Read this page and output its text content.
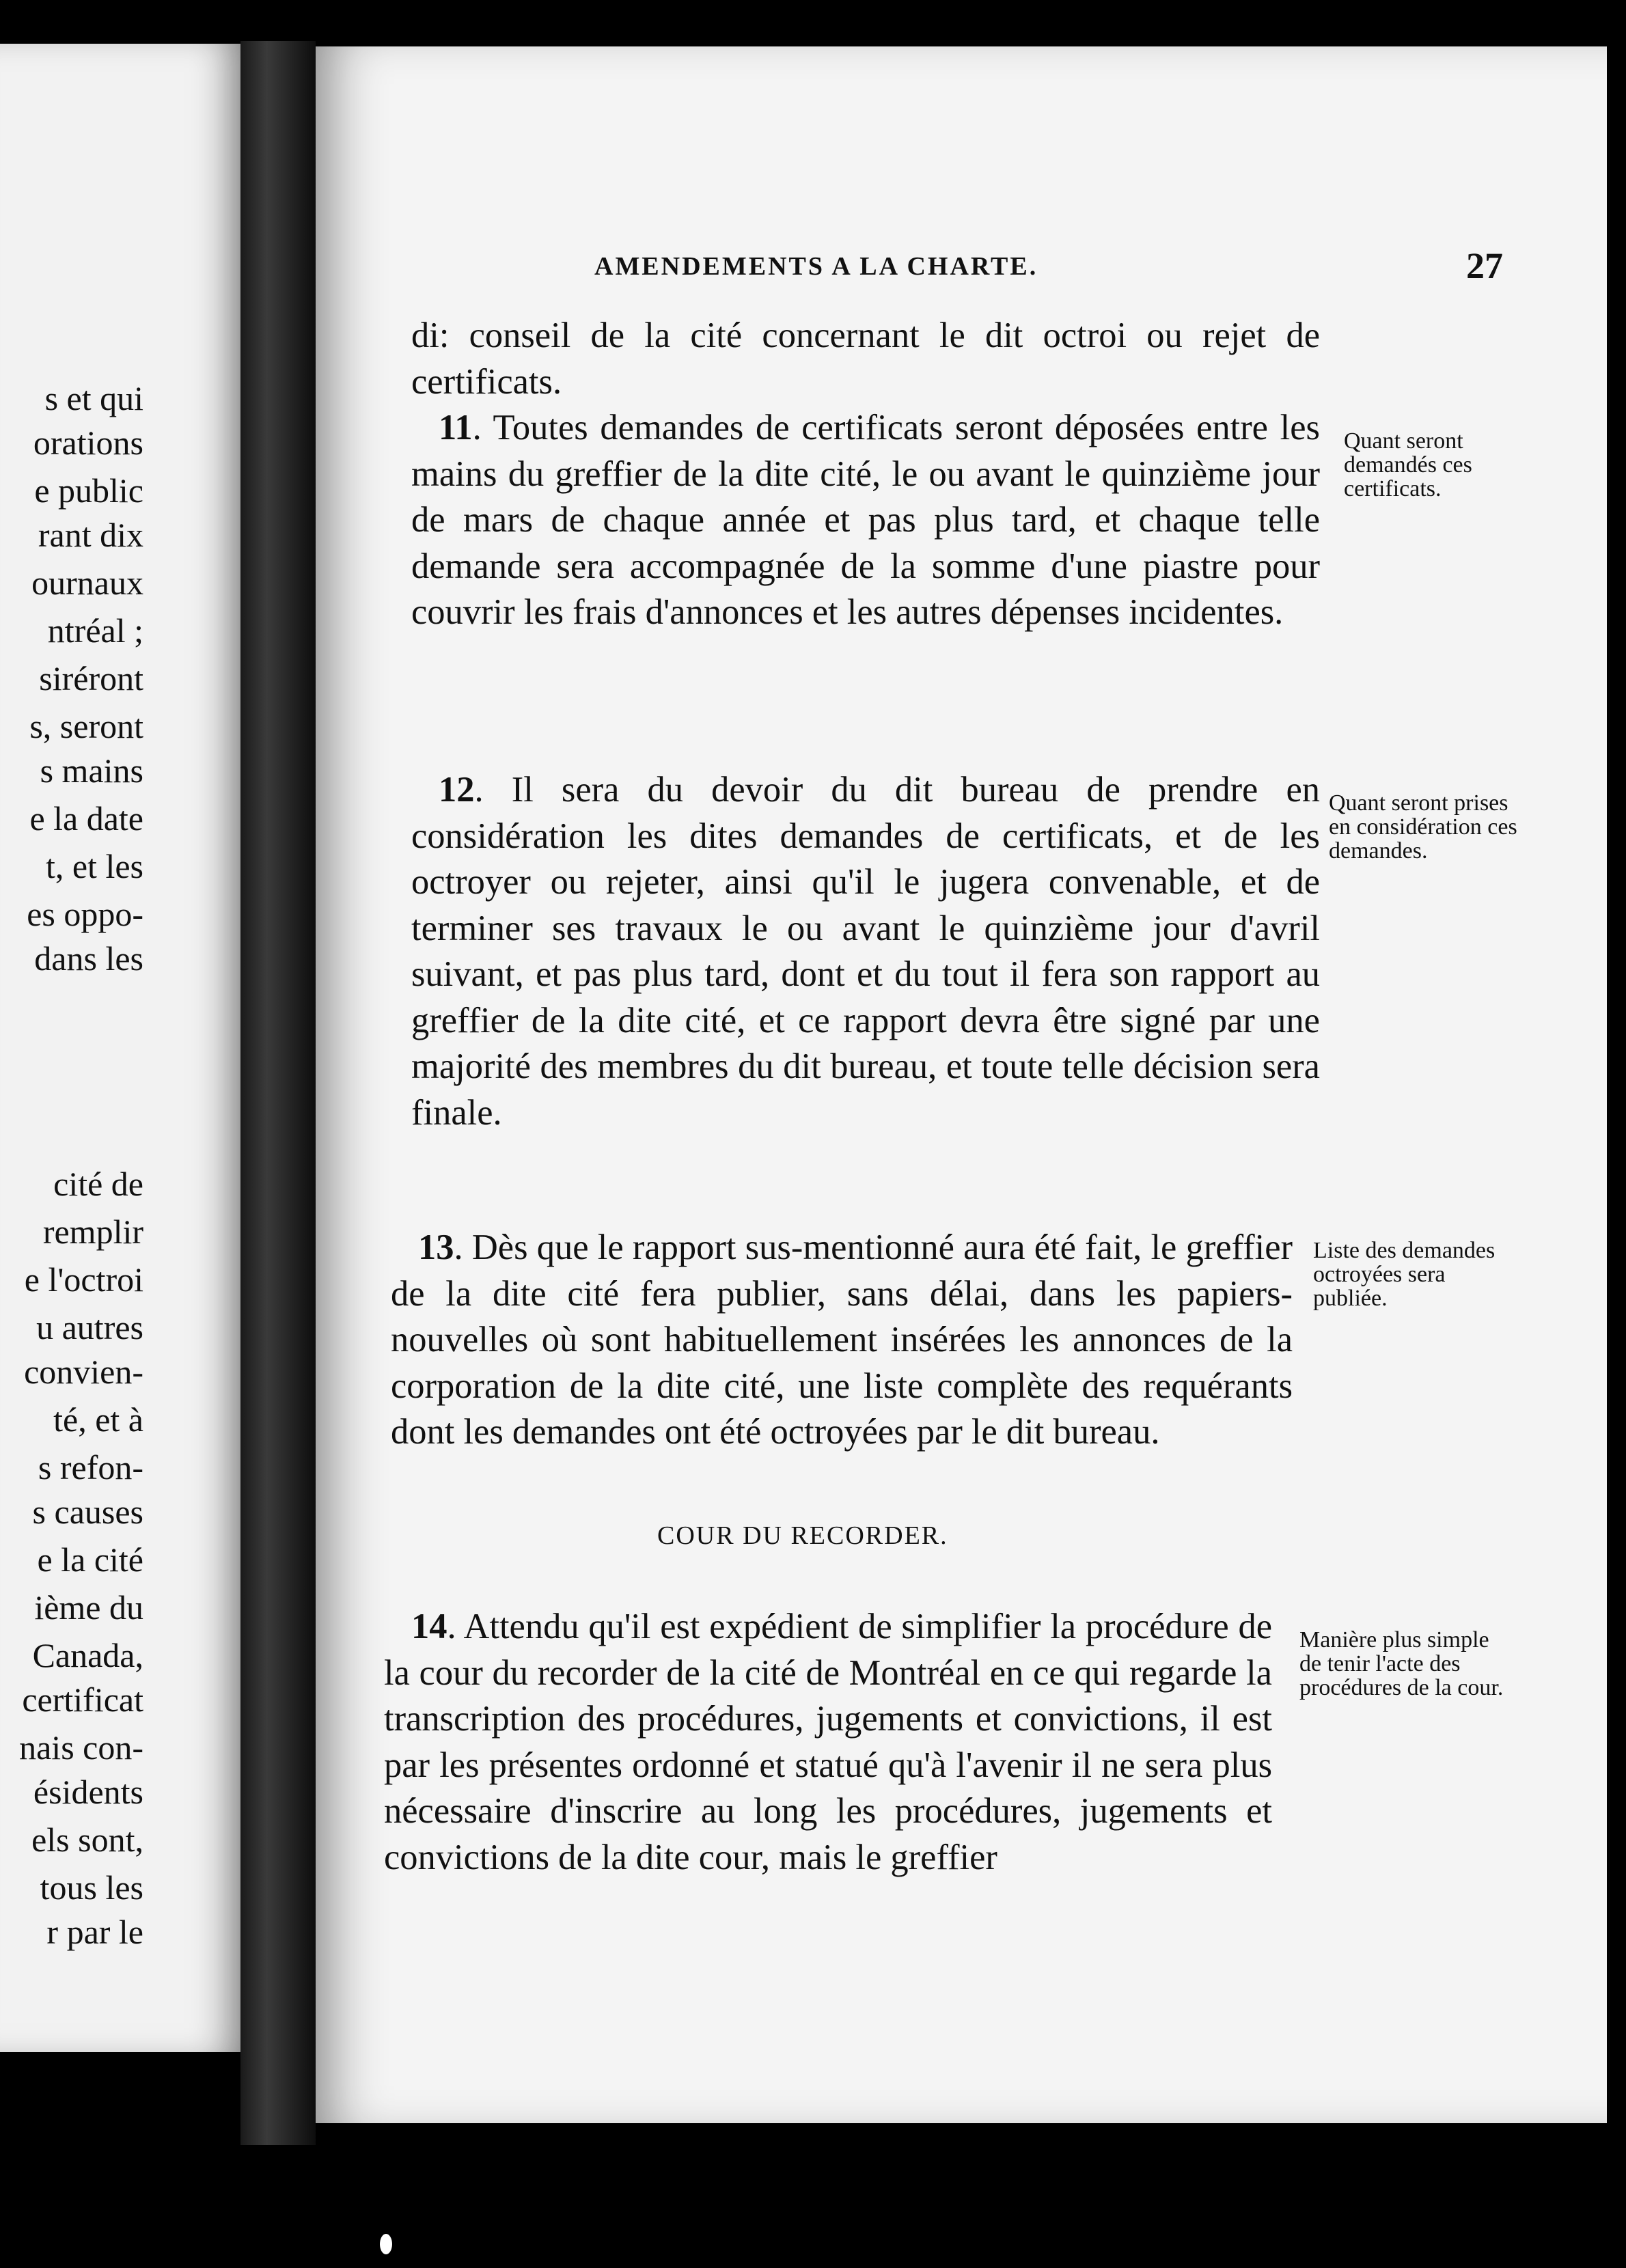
s et qui
orations
e public
rant dix
ournaux
ntréal ;
siréront
s, seront
s mains
e la date
t, et les
es oppo-
dans les
cité de
remplir
e l'octroi
u autres
convien-
té, et à
s refon-
s causes
e la cité
ième du
Canada,
certificat
nais con-
ésidents
els sont,
tous les
r par le
AMENDEMENTS A LA CHARTE.	27
di: conseil de la cité concernant le dit octroi ou rejet de certificats.
11. Toutes demandes de certificats seront déposées entre les mains du greffier de la dite cité, le ou avant le quinzième jour de mars de chaque année et pas plus tard, et chaque telle demande sera accompagnée de la somme d'une piastre pour couvrir les frais d'annonces et les autres dépenses incidentes.
Quant seront demandés ces certificats.
12. Il sera du devoir du dit bureau de prendre en considération les dites demandes de certificats, et de les octroyer ou rejeter, ainsi qu'il le jugera convenable, et de terminer ses travaux le ou avant le quinzième jour d'avril suivant, et pas plus tard, dont et du tout il fera son rapport au greffier de la dite cité, et ce rapport devra être signé par une majorité des membres du dit bureau, et toute telle décision sera finale.
Quant seront prises en considération ces demandes.
13. Dès que le rapport sus-mentionné aura été fait, le greffier de la dite cité fera publier, sans délai, dans les papiers-nouvelles où sont habituellement insérées les annonces de la corporation de la dite cité, une liste complète des requérants dont les demandes ont été octroyées par le dit bureau.
Liste des demandes octroyées sera publiée.
COUR DU RECORDER.
14. Attendu qu'il est expédient de simplifier la procédure de la cour du recorder de la cité de Montréal en ce qui regarde la transcription des procédures, jugements et convictions, il est par les présentes ordonné et statué qu'à l'avenir il ne sera plus nécessaire d'inscrire au long les procédures, jugements et convictions de la dite cour, mais le greffier
Manière plus simple de tenir l'acte des procédures de la cour.
